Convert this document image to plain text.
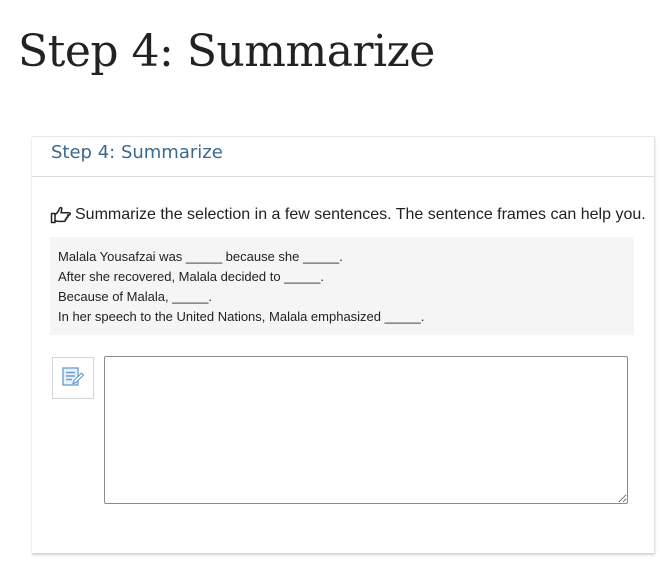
Step 4: Summarize
Step 4: Summarize
Summarize the selection in a few sentences. The sentence frames can help you.
Malala Yousafzai was _____ because she _____.
After she recovered, Malala decided to _____.
Because of Malala, _____.
In her speech to the United Nations, Malala emphasized _____.
